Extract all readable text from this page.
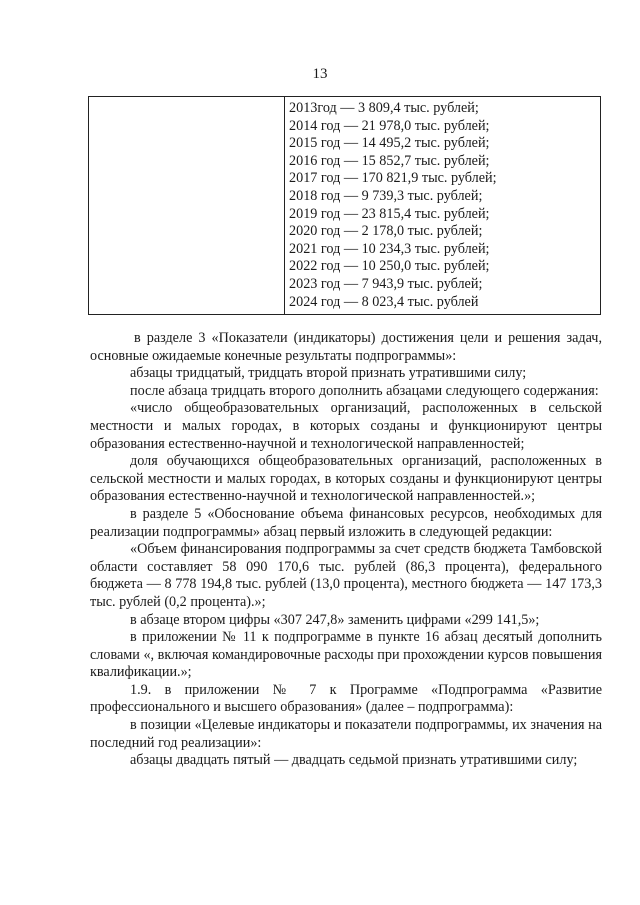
13
2013год — 3 809,4 тыс. рублей;
2014 год — 21 978,0 тыс. рублей;
2015 год — 14 495,2 тыс. рублей;
2016 год — 15 852,7 тыс. рублей;
2017 год — 170 821,9 тыс. рублей;
2018 год — 9 739,3 тыс. рублей;
2019 год — 23 815,4 тыс. рублей;
2020 год — 2 178,0 тыс. рублей;
2021 год — 10 234,3 тыс. рублей;
2022 год — 10 250,0 тыс. рублей;
2023 год — 7 943,9 тыс. рублей;
2024 год — 8 023,4 тыс. рублей

в разделе 3 «Показатели (индикаторы) достижения цели и решения задач, основные ожидаемые конечные результаты подпрограммы»:

абзацы тридцатый, тридцать второй признать утратившими силу;

после абзаца тридцать второго дополнить абзацами следующего содержания:

«число общеобразовательных организаций, расположенных в сельской местности и малых городах, в которых созданы и функционируют центры образования естественно-научной и технологической направленностей;

доля обучающихся общеобразовательных организаций, расположенных в сельской местности и малых городах, в которых созданы и функционируют центры образования естественно-научной и технологической направленностей.»;

в разделе 5 «Обоснование объема финансовых ресурсов, необходимых для реализации подпрограммы» абзац первый изложить в следующей редакции:

«Объем финансирования подпрограммы за счет средств бюджета Тамбовской области составляет 58 090 170,6 тыс. рублей (86,3 процента), федерального бюджета — 8 778 194,8 тыс. рублей (13,0 процента), местного бюджета — 147 173,3 тыс. рублей (0,2 процента).»;

в абзаце втором цифры «307 247,8» заменить цифрами «299 141,5»;

в приложении № 11 к подпрограмме в пункте 16 абзац десятый дополнить словами «, включая командировочные расходы при прохождении курсов повышения квалификации.»;

1.9. в приложении № 7 к Программе «Подпрограмма «Развитие профессионального и высшего образования» (далее – подпрограмма):

в позиции «Целевые индикаторы и показатели подпрограммы, их значения на последний год реализации»:

абзацы двадцать пятый — двадцать седьмой признать утратившими силу;
